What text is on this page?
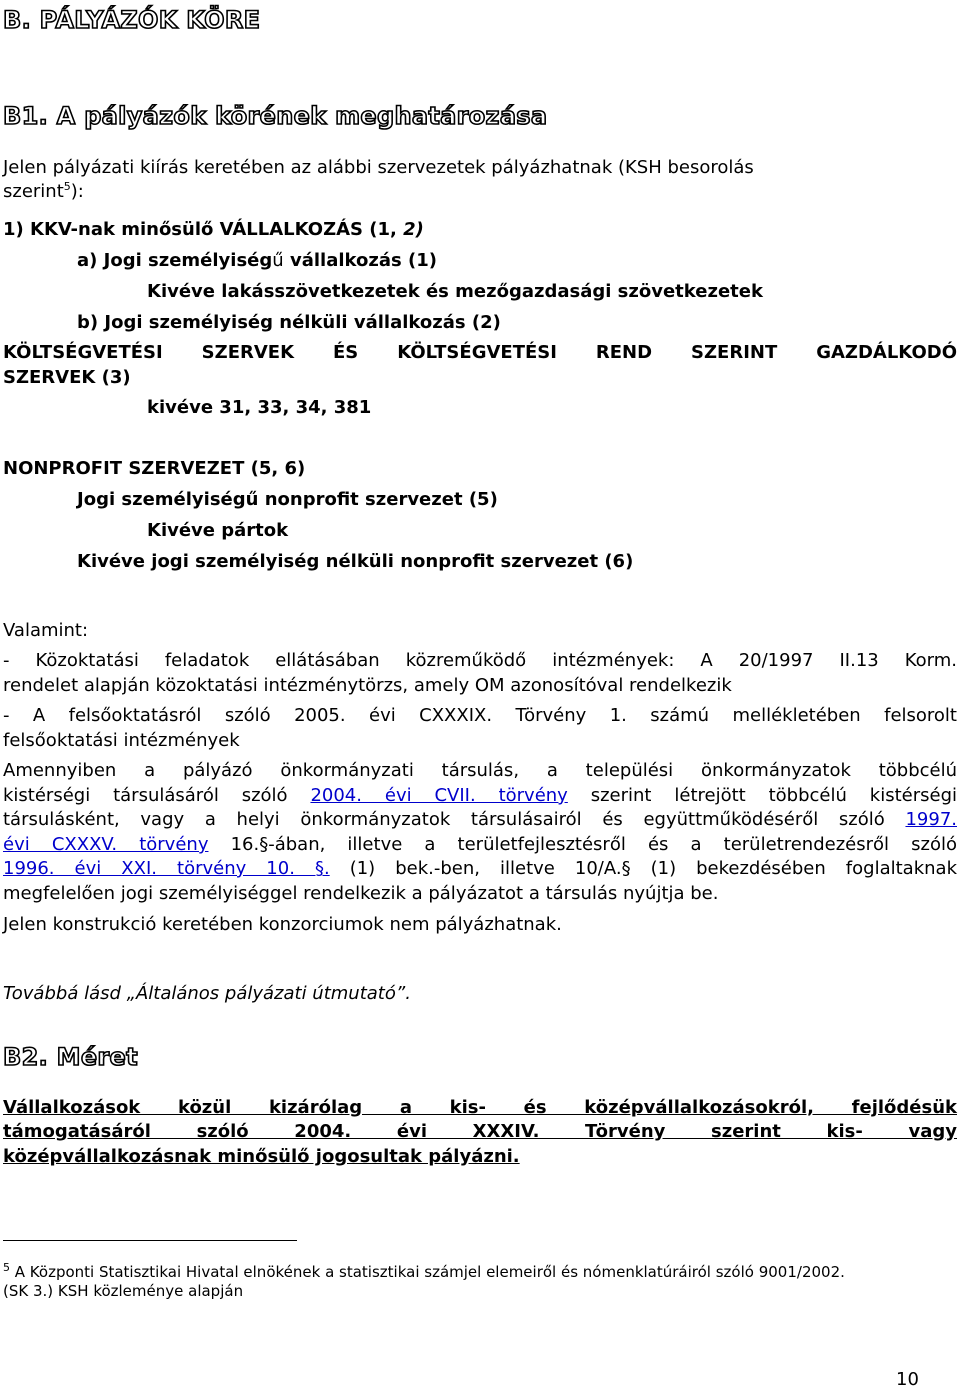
B. PÁLYÁZÓK KÖRE
B1. A pályázók körének meghatározása
Jelen pályázati kiírás keretében az alábbi szervezetek pályázhatnak (KSH besorolás
szerint$^5$):
1) KKV-nak minősülő VÁLLALKOZÁS (1, 2)
a) Jogi személyiségű vállalkozás (1)
Kivéve lakásszövetkezetek és mezőgazdasági szövetkezetek
b) Jogi személyiség nélküli vállalkozás (2)
KÖLTSÉGVETÉSI SZERVEK ÉS KÖLTSÉGVETÉSI REND SZERINT GAZDÁLKODÓ
SZERVEK (3)
kivéve 31, 33, 34, 381
NONPROFIT SZERVEZET (5, 6)
Jogi személyiségű nonprofit szervezet (5)
Kivéve pártok
Kivéve jogi személyiség nélküli nonprofit szervezet (6)
Valamint:
- Közoktatási feladatok ellátásában közreműködő intézmények: A 20/1997 II.13 Korm.
rendelet alapján közoktatási intézménytörzs, amely OM azonosítóval rendelkezik
- A felsőoktatásról szóló 2005. évi CXXXIX. Törvény 1. számú mellékletében felsorolt
felsőoktatási intézmények
Amennyiben a pályázó önkormányzati társulás, a települési önkormányzatok többcélú
kistérségi társulásáról szóló 2004. évi CVII. törvény szerint létrejött többcélú kistérségi
társulásként, vagy a helyi önkormányzatok társulásairól és együttműködéséről szóló 1997.
évi CXXXV. törvény 16.§-ában, illetve a területfejlesztésről és a területrendezésről szóló
1996. évi XXI. törvény 10. §. (1) bek.-ben, illetve 10/A.§ (1) bekezdésében foglaltaknak
megfelelően jogi személyiséggel rendelkezik a pályázatot a társulás nyújtja be.
Jelen konstrukció keretében konzorciumok nem pályázhatnak.
Továbbá lásd „Általános pályázati útmutató”.
B2. Méret
Vállalkozások közül kizárólag a kis- és középvállalkozásokról, fejlődésük
támogatásáról szóló 2004. évi XXXIV. Törvény szerint kis- vagy
középvállalkozásnak minősülő jogosultak pályázni.
$^5$ A Központi Statisztikai Hivatal elnökének a statisztikai számjel elemeiről és nómenklatúráiról szóló 9001/2002.
(SK 3.) KSH közleménye alapján
10
